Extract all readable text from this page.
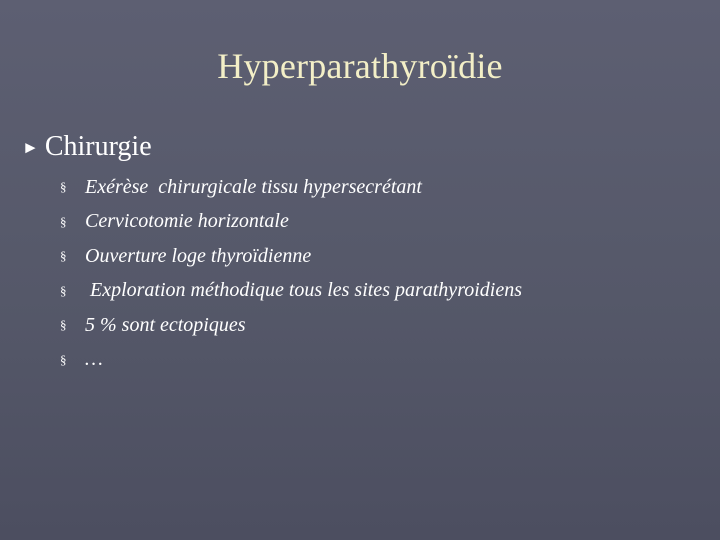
Hyperparathyroïdie
► Chirurgie
§ Exérèse  chirurgicale tissu hypersecrétant
§ Cervicotomie horizontale
§ Ouverture loge thyroïdienne
§ Exploration méthodique tous les sites parathyroidiens
§ 5 % sont ectopiques
§ …
